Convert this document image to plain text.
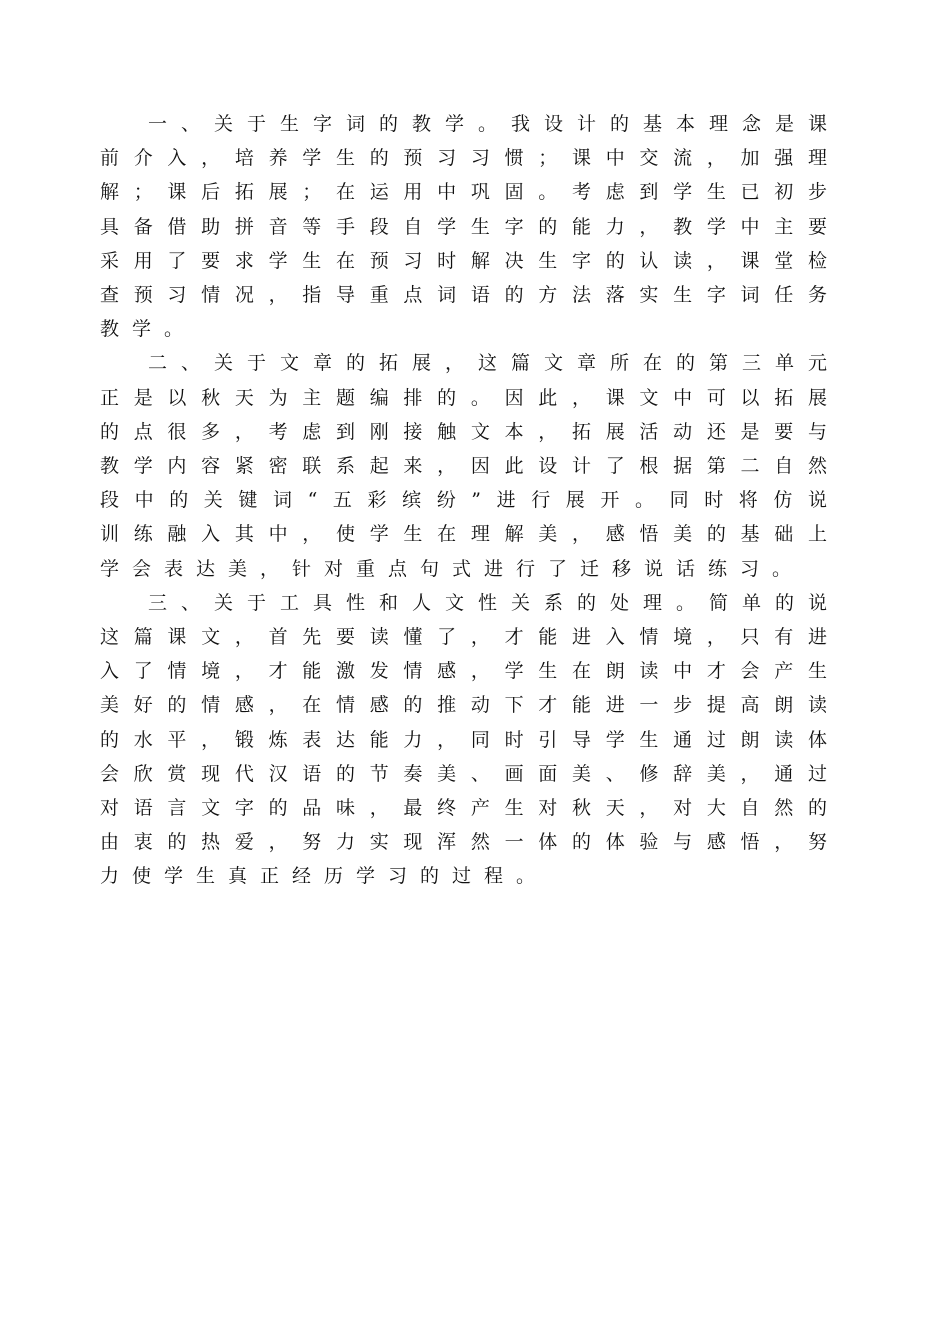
一、关于生字词的教学。我设计的基本理念是课
前介入，培养学生的预习习惯；课中交流，加强理
解；课后拓展；在运用中巩固。考虑到学生已初步
具备借助拼音等手段自学生字的能力，教学中主要
采用了要求学生在预习时解决生字的认读，课堂检
查预习情况，指导重点词语的方法落实生字词任务
教学。
二、关于文章的拓展，这篇文章所在的第三单元
正是以秋天为主题编排的。因此，课文中可以拓展
的点很多，考虑到刚接触文本，拓展活动还是要与
教学内容紧密联系起来，因此设计了根据第二自然
段中的关键词“五彩缤纷”进行展开。同时将仿说
训练融入其中，使学生在理解美，感悟美的基础上
学会表达美，针对重点句式进行了迁移说话练习。
三、关于工具性和人文性关系的处理。简单的说
这篇课文，首先要读懂了，才能进入情境，只有进
入了情境，才能激发情感，学生在朗读中才会产生
美好的情感，在情感的推动下才能进一步提高朗读
的水平，锻炼表达能力，同时引导学生通过朗读体
会欣赏现代汉语的节奏美、画面美、修辞美，通过
对语言文字的品味，最终产生对秋天，对大自然的
由衷的热爱，努力实现浑然一体的体验与感悟，努
力使学生真正经历学习的过程。
